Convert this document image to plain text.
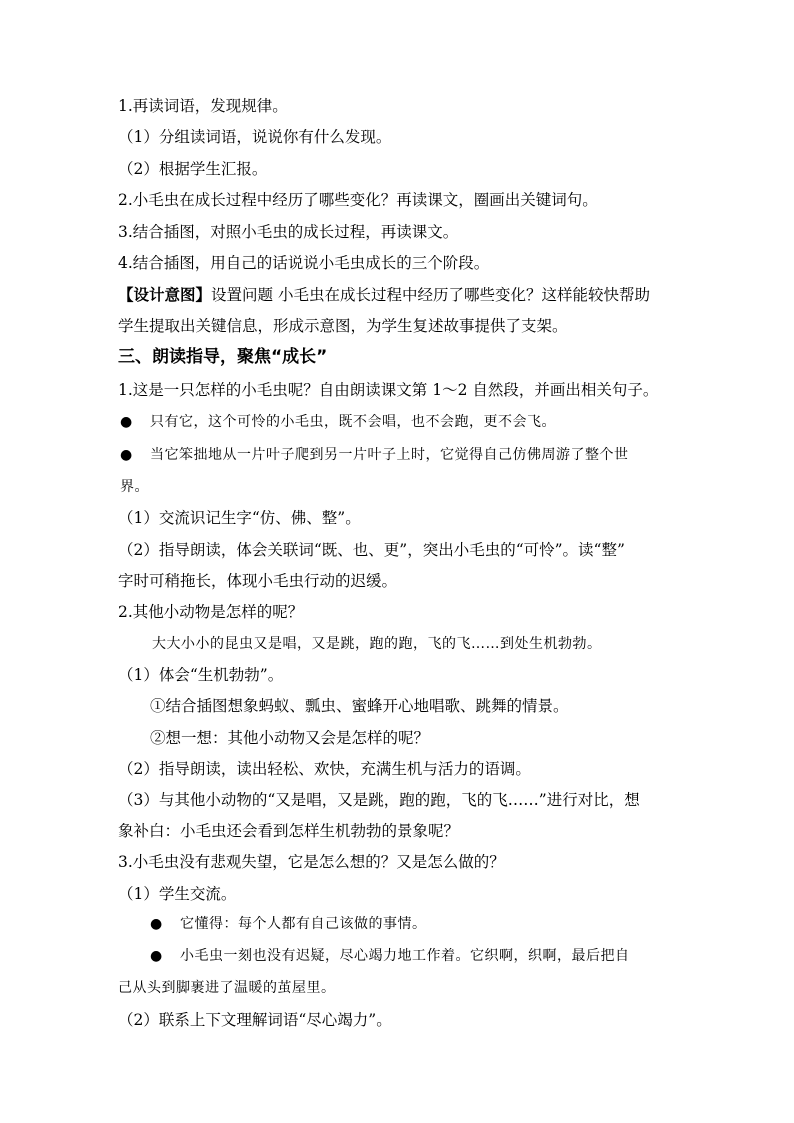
1.再读词语，发现规律。
（1）分组读词语，说说你有什么发现。
（2）根据学生汇报。
2.小毛虫在成长过程中经历了哪些变化？再读课文，圈画出关键词句。
3.结合插图，对照小毛虫的成长过程，再读课文。
4.结合插图，用自己的话说说小毛虫成长的三个阶段。
【设计意图】设置问题 小毛虫在成长过程中经历了哪些变化？这样能较快帮助
学生提取出关键信息，形成示意图，为学生复述故事提供了支架。
三、朗读指导，聚焦“成长”
1.这是一只怎样的小毛虫呢？自由朗读课文第 1～2 自然段，并画出相关句子。
● 只有它，这个可怜的小毛虫，既不会唱，也不会跑，更不会飞。
● 当它笨拙地从一片叶子爬到另一片叶子上时，它觉得自己仿佛周游了整个世
界。
（1）交流识记生字“仿、佛、整”。
（2）指导朗读，体会关联词“既、也、更”，突出小毛虫的“可怜”。读“整”
字时可稍拖长，体现小毛虫行动的迟缓。
2.其他小动物是怎样的呢？
大大小小的昆虫又是唱，又是跳，跑的跑，飞的飞……到处生机勃勃。
（1）体会“生机勃勃”。
①结合插图想象蚂蚁、瓢虫、蜜蜂开心地唱歌、跳舞的情景。
②想一想：其他小动物又会是怎样的呢？
（2）指导朗读，读出轻松、欢快，充满生机与活力的语调。
（3）与其他小动物的“又是唱，又是跳，跑的跑，飞的飞……”进行对比，想
象补白：小毛虫还会看到怎样生机勃勃的景象呢？
3.小毛虫没有悲观失望，它是怎么想的？又是怎么做的？
（1）学生交流。
● 它懂得：每个人都有自己该做的事情。
● 小毛虫一刻也没有迟疑，尽心竭力地工作着。它织啊，织啊，最后把自
己从头到脚裹进了温暖的茧屋里。
（2）联系上下文理解词语“尽心竭力”。
